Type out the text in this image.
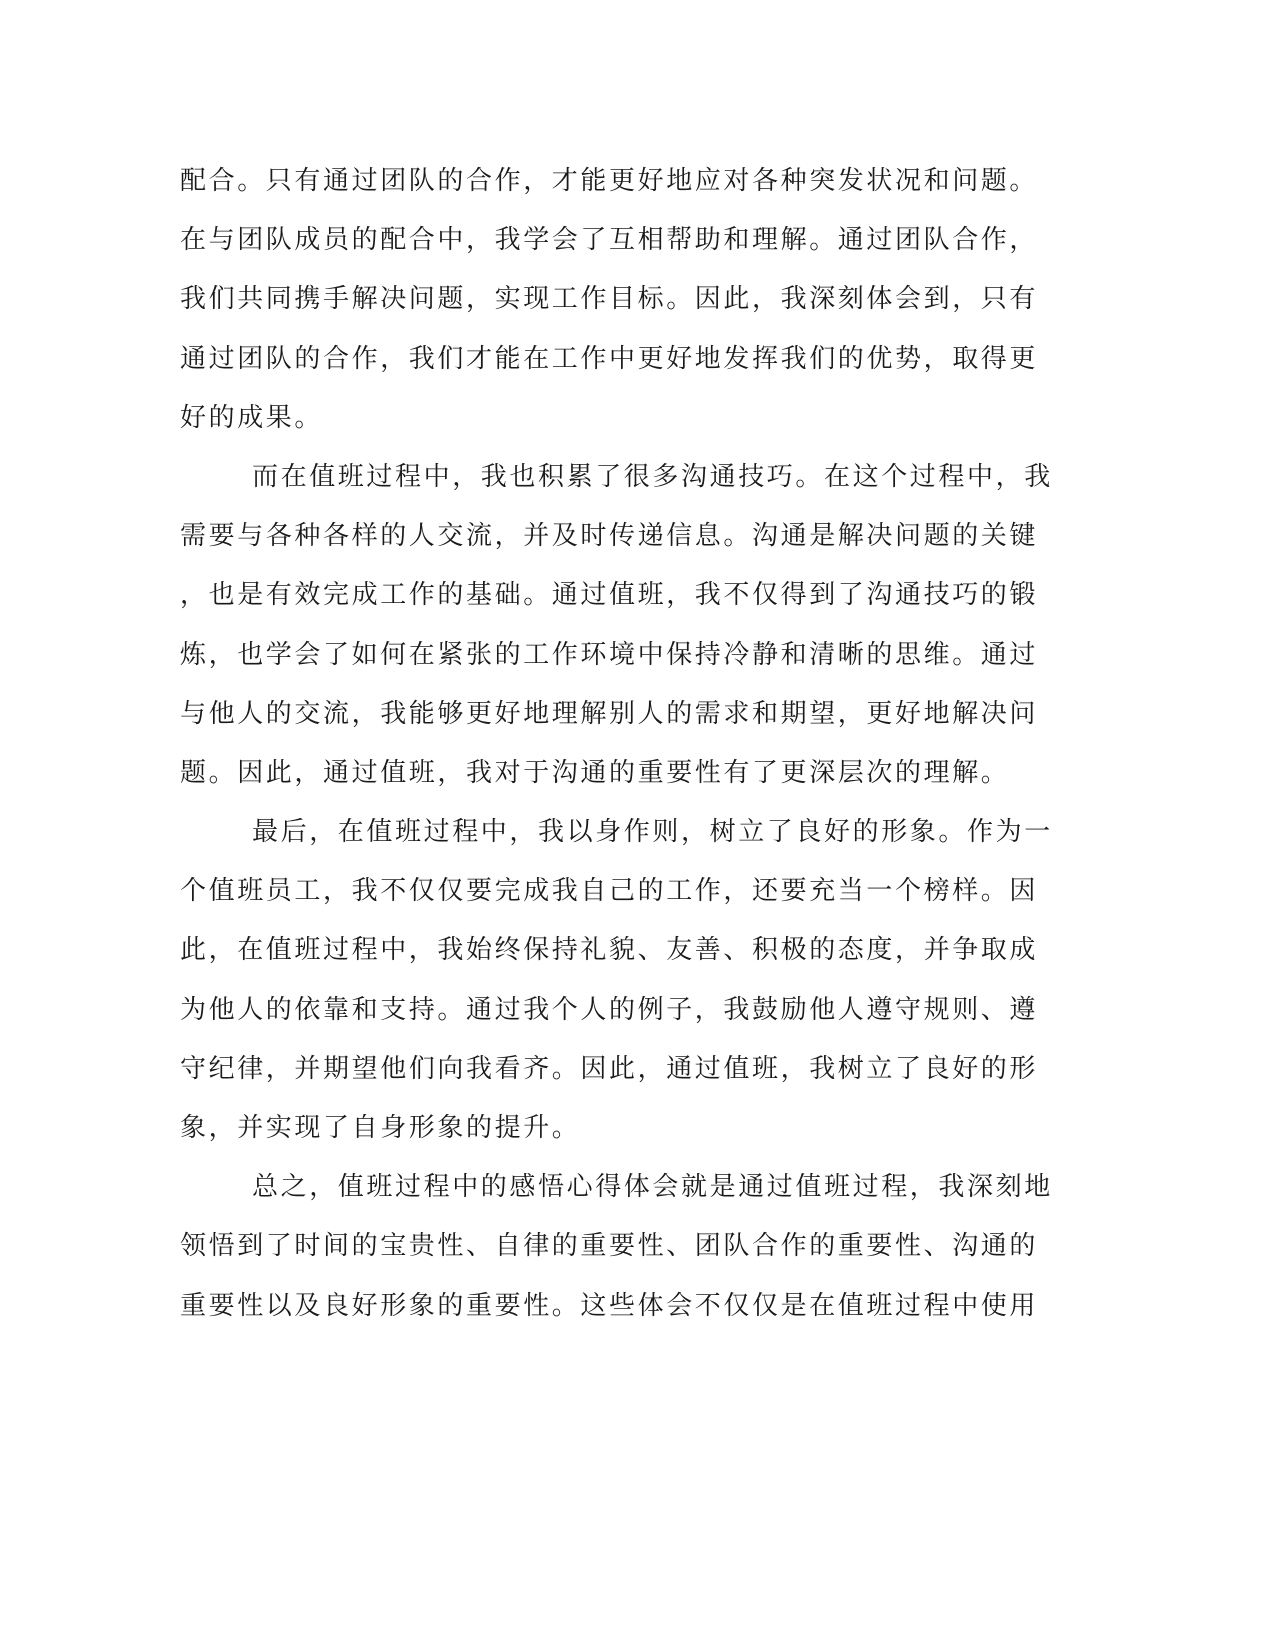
配合。只有通过团队的合作，才能更好地应对各种突发状况和问题。
在与团队成员的配合中，我学会了互相帮助和理解。通过团队合作，
我们共同携手解决问题，实现工作目标。因此，我深刻体会到，只有
通过团队的合作，我们才能在工作中更好地发挥我们的优势，取得更
好的成果。
而在值班过程中，我也积累了很多沟通技巧。在这个过程中，我
需要与各种各样的人交流，并及时传递信息。沟通是解决问题的关键
，也是有效完成工作的基础。通过值班，我不仅得到了沟通技巧的锻
炼，也学会了如何在紧张的工作环境中保持冷静和清晰的思维。通过
与他人的交流，我能够更好地理解别人的需求和期望，更好地解决问
题。因此，通过值班，我对于沟通的重要性有了更深层次的理解。
最后，在值班过程中，我以身作则，树立了良好的形象。作为一
个值班员工，我不仅仅要完成我自己的工作，还要充当一个榜样。因
此，在值班过程中，我始终保持礼貌、友善、积极的态度，并争取成
为他人的依靠和支持。通过我个人的例子，我鼓励他人遵守规则、遵
守纪律，并期望他们向我看齐。因此，通过值班，我树立了良好的形
象，并实现了自身形象的提升。
总之，值班过程中的感悟心得体会就是通过值班过程，我深刻地
领悟到了时间的宝贵性、自律的重要性、团队合作的重要性、沟通的
重要性以及良好形象的重要性。这些体会不仅仅是在值班过程中使用
